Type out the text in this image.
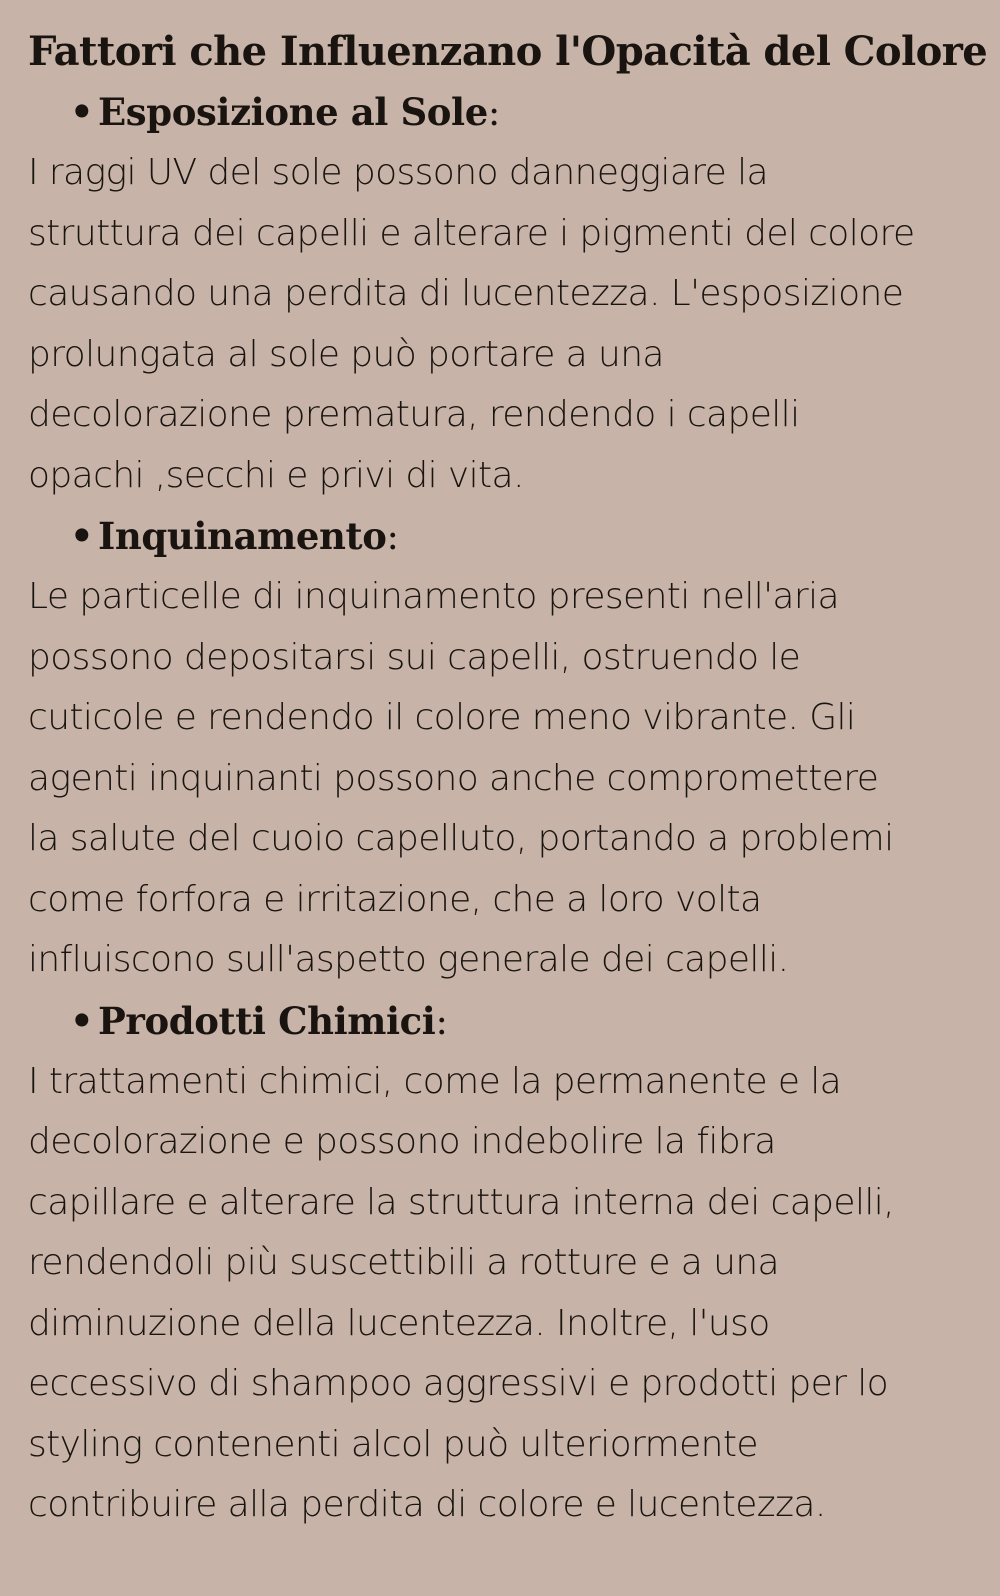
Fattori che Influenzano l'Opacità del Colore

• Esposizione al Sole:

I raggi UV del sole possono danneggiare la
struttura dei capelli e alterare i pigmenti del colore
causando una perdita di lucentezza. L'esposizione
prolungata al sole può portare a una
decolorazione prematura, rendendo i capelli
opachi ,secchi e privi di vita.

• Inquinamento:

Le particelle di inquinamento presenti nell'aria
possono depositarsi sui capelli, ostruendo le
cuticole e rendendo il colore meno vibrante. Gli
agenti inquinanti possono anche compromettere
la salute del cuoio capelluto, portando a problemi
come forfora e irritazione, che a loro volta
influiscono sull'aspetto generale dei capelli.

• Prodotti Chimici:

I trattamenti chimici, come la permanente e la
decolorazione e possono indebolire la fibra
capillare e alterare la struttura interna dei capelli,
rendendoli più suscettibili a rotture e a una
diminuzione della lucentezza. Inoltre, l'uso
eccessivo di shampoo aggressivi e prodotti per lo
styling contenenti alcol può ulteriormente
contribuire alla perdita di colore e lucentezza.
